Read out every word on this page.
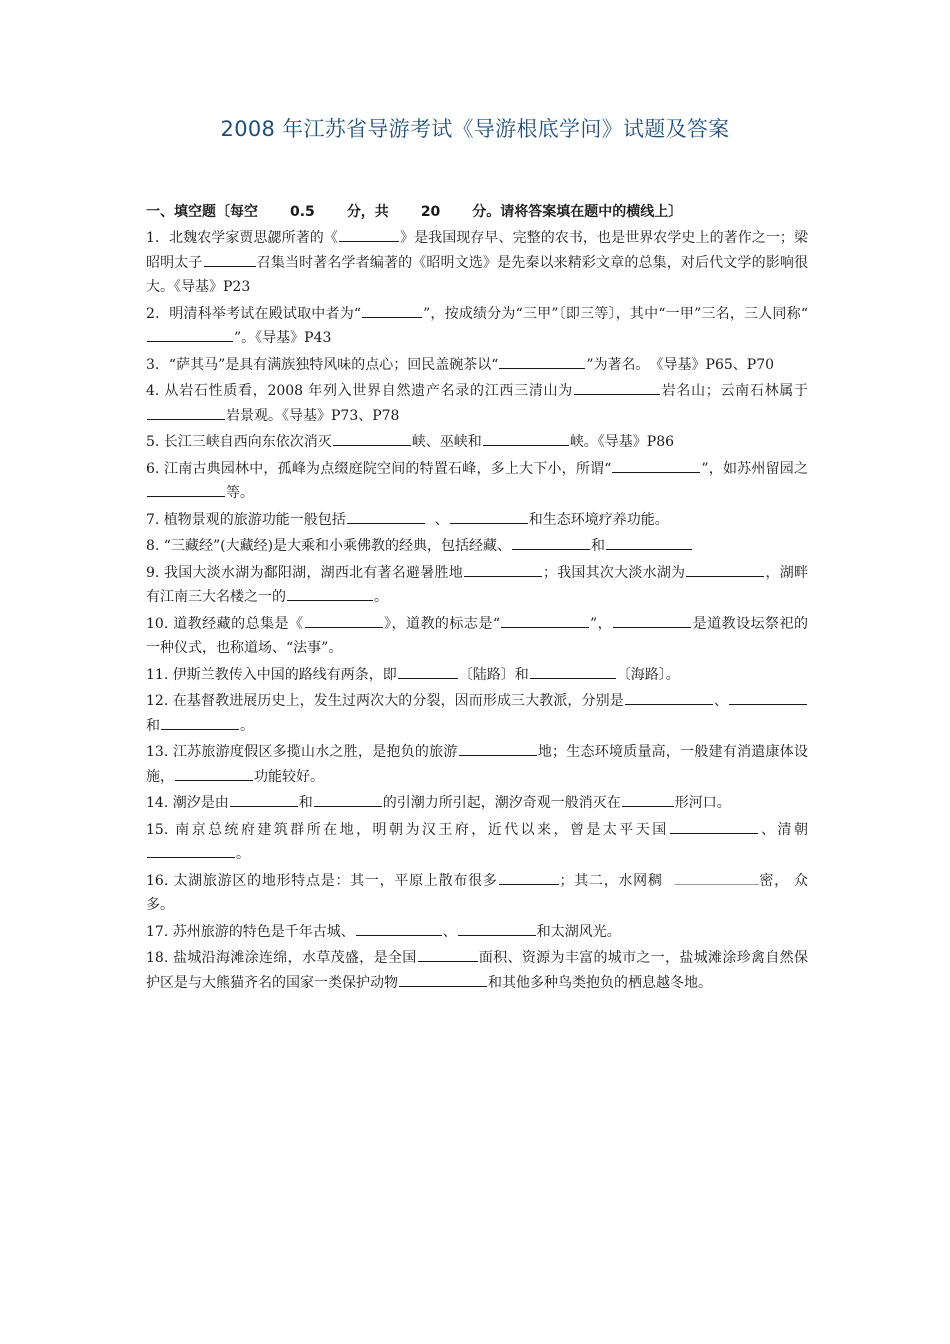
2008 年江苏省导游考试《导游根底学问》试题及答案
一、填空题〔每空 0.5 分，共 20 分。请将答案填在题中的横线上〕

1．北魏农学家贾思勰所著的《	》是我国现存早、完整的农书，也是世界农学史上的著作之一；梁昭明太子	召集当时著名学者编著的《昭明文选》是先秦以来精彩文章的总集，对后代文学的影响很大。《导基》P23

2．明清科举考试在殿试取中者为“	”，按成绩分为“三甲”〔即三等〕，其中“一甲”三名，三人同称“”。《导基》P43

3．“萨其马”是具有满族独特风味的点心；回民盖碗茶以“	”为著名。　《导基》P65、P70

4. 从岩石性质看，2008 年列入世界自然遗产名录的江西三清山为	岩名山；云南石林属于岩景观。《导基》P73、P78

5. 长江三峡自西向东依次消灭	峡、巫峡和	峡。《导基》P86

6. 江南古典园林中，孤峰为点缀庭院空间的特置石峰，多上大下小，所谓“	”，如苏州留园之等。

7. 植物景观的旅游功能一般包括	、	和生态环境疗养功能。

8. “三藏经”(大藏经)是大乘和小乘佛教的经典，包括经藏、	和

9. 我国大淡水湖为鄱阳湖，湖西北有著名避暑胜地	；我国其次大淡水湖为	，湖畔有江南三大名楼之一的	。

10. 道教经藏的总集是《	》，道教的标志是“	”，	是道教设坛祭祀的一种仪式，也称道场、“法事”。

11. 伊斯兰教传入中国的路线有两条，即	〔陆路〕和	〔海路〕。

12. 在基督教进展历史上，发生过两次大的分裂，因而形成三大教派，分别是	、和	。

13. 江苏旅游度假区多揽山水之胜，是抱负的旅游	地；生态环境质量高，一般建有消遣康体设施，	功能较好。

14. 潮汐是由	和	的引潮力所引起，潮汐奇观一般消灭在	形河口。

15. 南京总统府建筑群所在地，明朝为汉王府，近代以来，曾是太平天国	、清朝。

16. 太湖旅游区的地形特点是：其一，平原上散布很多	；其二，水网稠	密， 众多。

17. 苏州旅游的特色是千年古城、	、	和太湖风光。

18. 盐城沿海滩涂连绵，水草茂盛，是全国	面积、资源为丰富的城市之一，盐城滩涂珍禽自然保护区是与大熊猫齐名的国家一类保护动物	和其他多种鸟类抱负的栖息越冬地。
